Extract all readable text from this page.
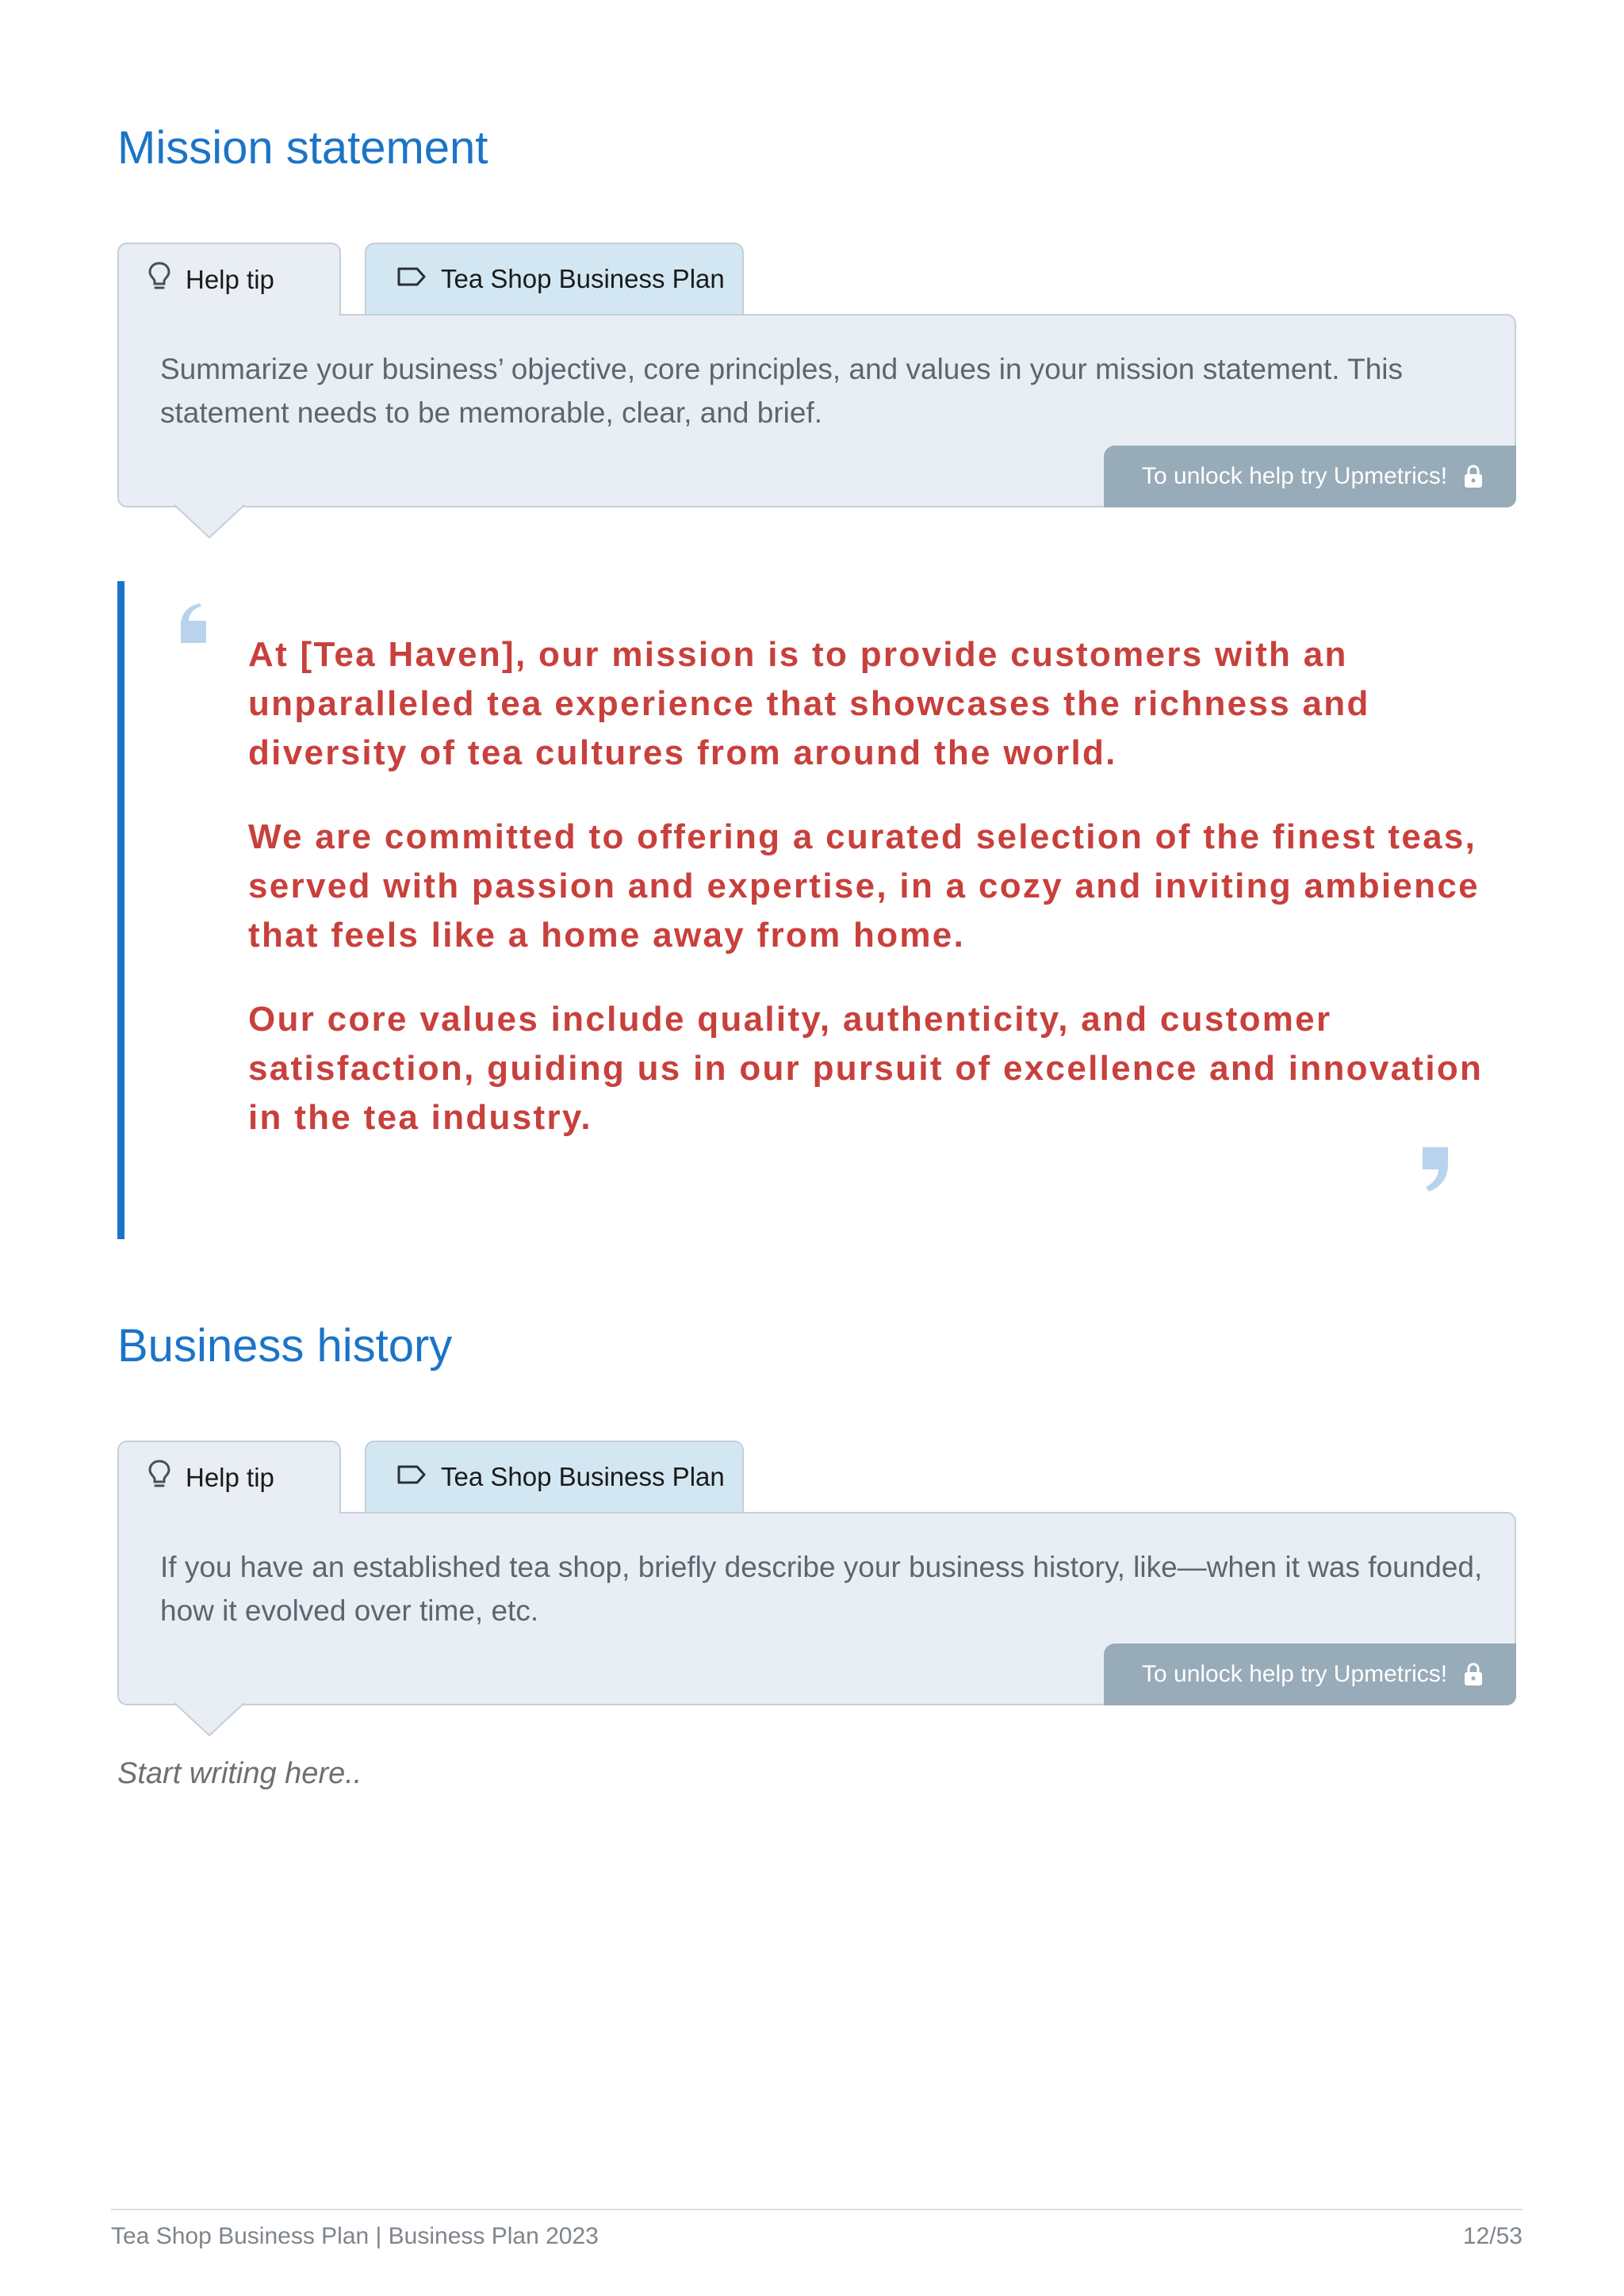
Mission statement
Help tip	Tea Shop Business Plan

Summarize your business’ objective, core principles, and values in your mission statement. This statement needs to be memorable, clear, and brief.

To unlock help try Upmetrics!

At [Tea Haven], our mission is to provide customers with an unparalleled tea experience that showcases the richness and diversity of tea cultures from around the world.

We are committed to offering a curated selection of the finest teas, served with passion and expertise, in a cozy and inviting ambience that feels like a home away from home.

Our core values include quality, authenticity, and customer satisfaction, guiding us in our pursuit of excellence and innovation in the tea industry.

Business history
Help tip	Tea Shop Business Plan

If you have an established tea shop, briefly describe your business history, like—when it was founded, how it evolved over time, etc.

To unlock help try Upmetrics!

Start writing here..

Tea Shop Business Plan | Business Plan 2023	12/53
